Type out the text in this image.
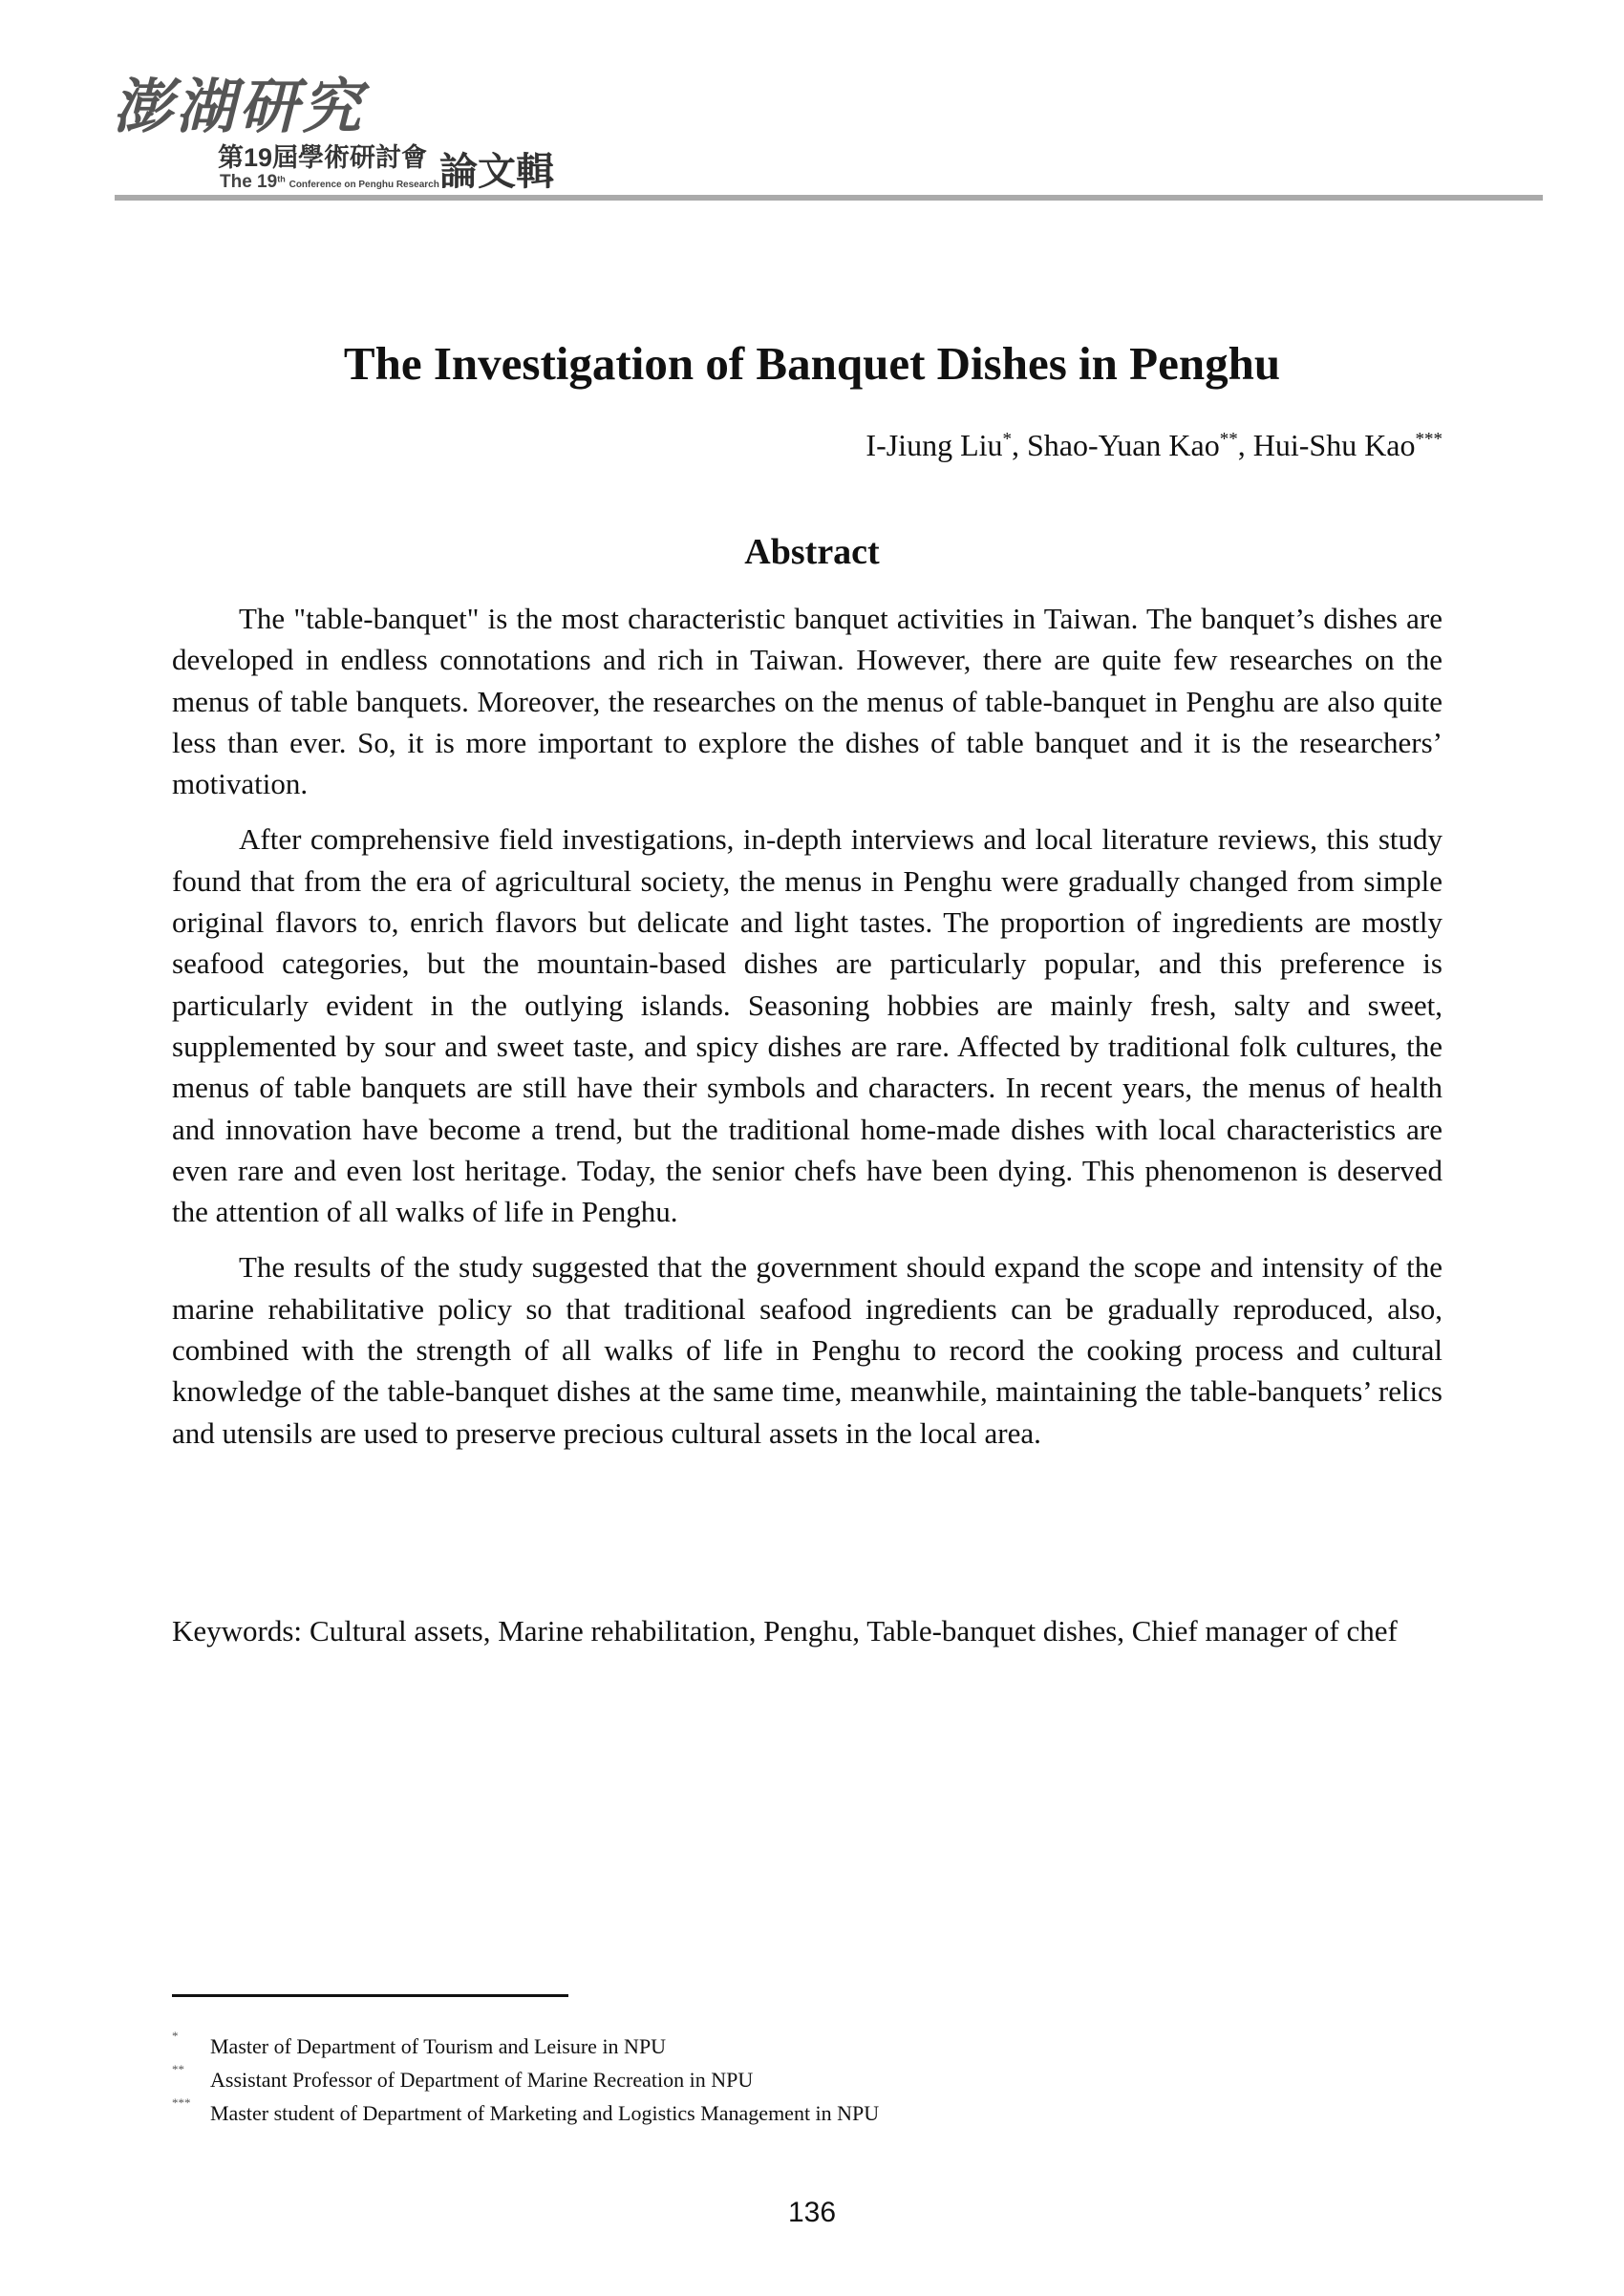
澎湖研究
第19屆學術研討會
The 19th Conference on Penghu Research 論文輯
The Investigation of Banquet Dishes in Penghu
I-Jiung Liu*, Shao-Yuan Kao**, Hui-Shu Kao***
Abstract

The "table-banquet" is the most characteristic banquet activities in Taiwan. The banquet’s dishes are developed in endless connotations and rich in Taiwan. However, there are quite few researches on the menus of table banquets. Moreover, the researches on the menus of table-banquet in Penghu are also quite less than ever. So, it is more important to explore the dishes of table banquet and it is the researchers’ motivation.

After comprehensive field investigations, in-depth interviews and local literature reviews, this study found that from the era of agricultural society, the menus in Penghu were gradually changed from simple original flavors to, enrich flavors but delicate and light tastes. The proportion of ingredients are mostly seafood categories, but the mountain-based dishes are particularly popular, and this preference is particularly evident in the outlying islands. Seasoning hobbies are mainly fresh, salty and sweet, supplemented by sour and sweet taste, and spicy dishes are rare. Affected by traditional folk cultures, the menus of table banquets are still have their symbols and characters. In recent years, the menus of health and innovation have become a trend, but the traditional home-made dishes with local characteristics are even rare and even lost heritage. Today, the senior chefs have been dying. This phenomenon is deserved the attention of all walks of life in Penghu.

The results of the study suggested that the government should expand the scope and intensity of the marine rehabilitative policy so that traditional seafood ingredients can be gradually reproduced, also, combined with the strength of all walks of life in Penghu to record the cooking process and cultural knowledge of the table-banquet dishes at the same time, meanwhile, maintaining the table-banquets’ relics and utensils are used to preserve precious cultural assets in the local area.

Keywords: Cultural assets, Marine rehabilitation, Penghu, Table-banquet dishes, Chief manager of chef
* Master of Department of Tourism and Leisure in NPU
** Assistant Professor of Department of Marine Recreation in NPU
*** Master student of Department of Marketing and Logistics Management in NPU
136
